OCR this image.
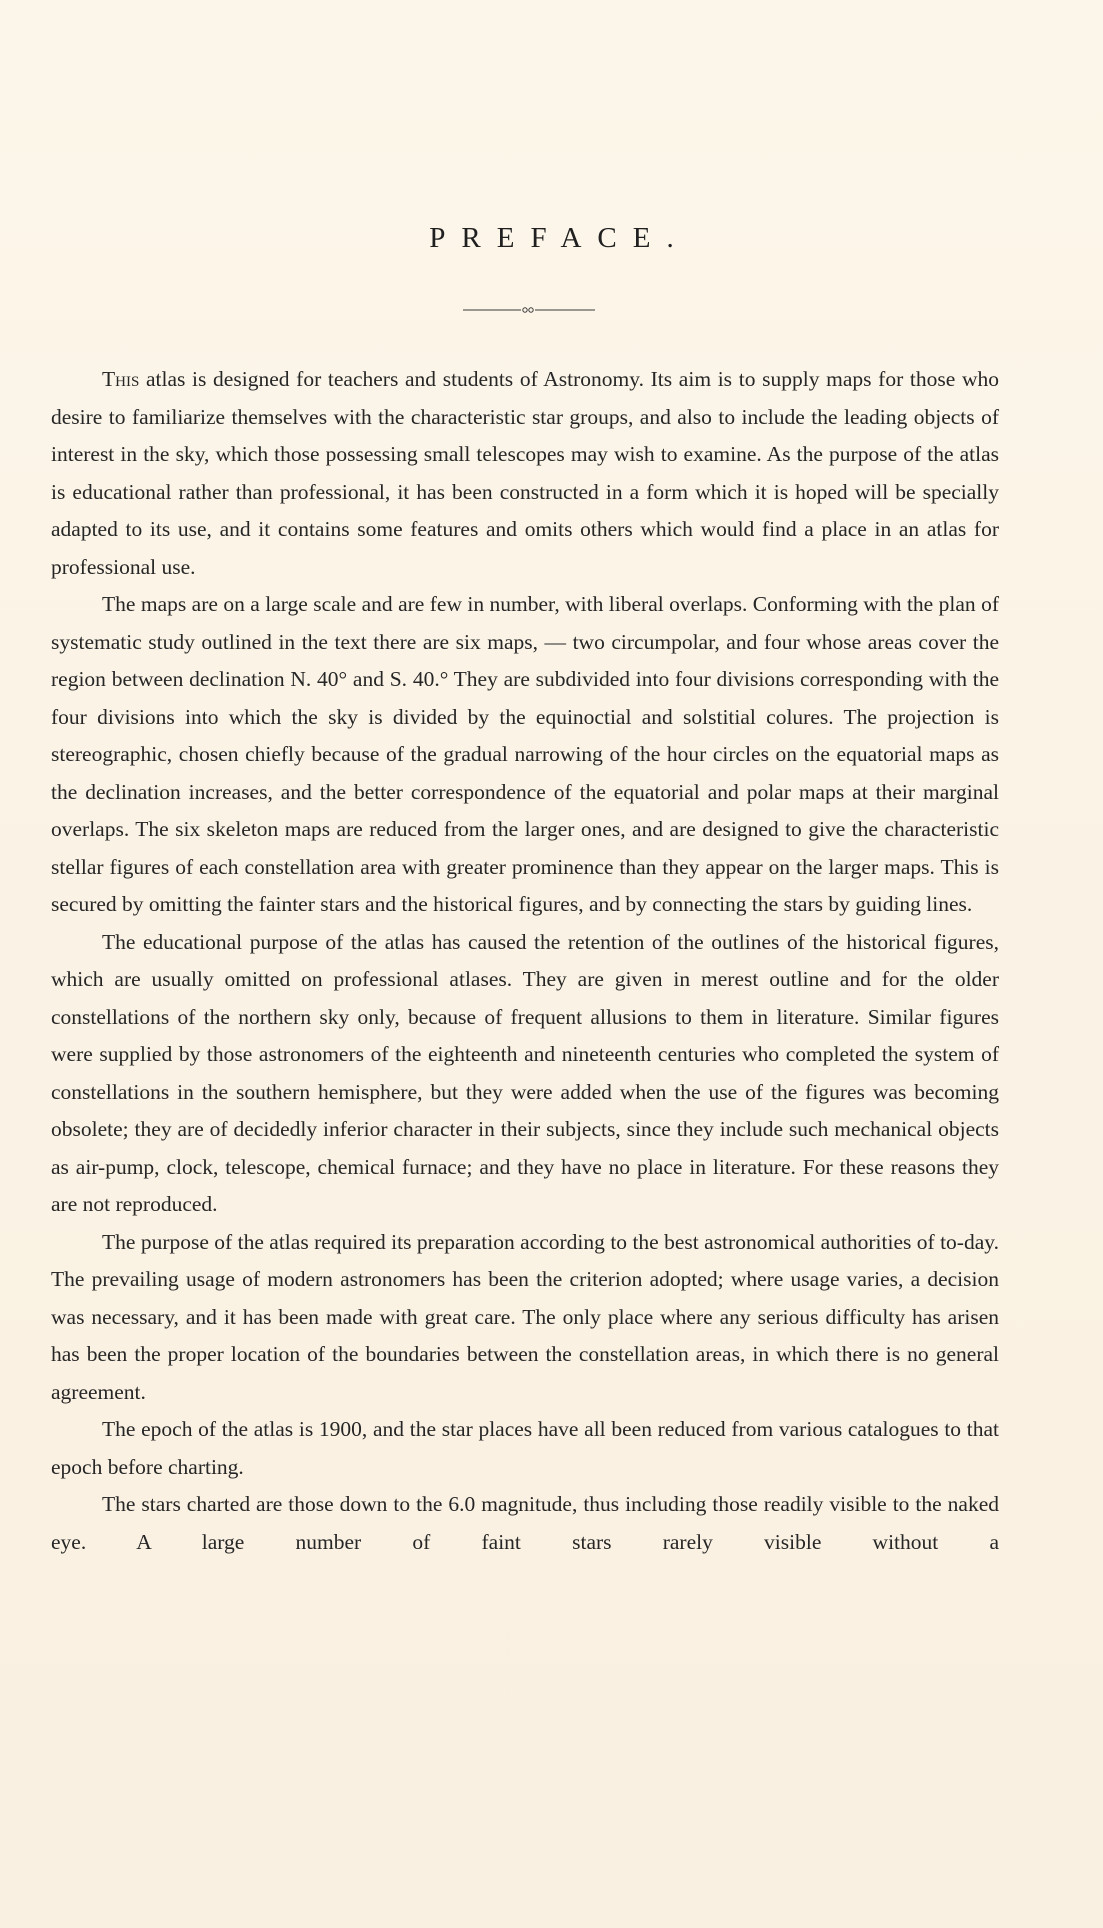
PREFACE.

This atlas is designed for teachers and students of Astronomy. Its aim is to supply maps for those who desire to familiarize themselves with the characteristic star groups, and also to include the leading objects of interest in the sky, which those possessing small telescopes may wish to examine. As the purpose of the atlas is educational rather than professional, it has been constructed in a form which it is hoped will be specially adapted to its use, and it contains some features and omits others which would find a place in an atlas for professional use.

The maps are on a large scale and are few in number, with liberal overlaps. Conforming with the plan of systematic study outlined in the text there are six maps, — two circumpolar, and four whose areas cover the region between declination N. 40° and S. 40.° They are subdivided into four divisions corresponding with the four divisions into which the sky is divided by the equinoctial and solstitial colures. The projection is stereographic, chosen chiefly because of the gradual narrowing of the hour circles on the equatorial maps as the declination increases, and the better correspondence of the equatorial and polar maps at their marginal overlaps. The six skeleton maps are reduced from the larger ones, and are designed to give the characteristic stellar figures of each constellation area with greater prominence than they appear on the larger maps. This is secured by omitting the fainter stars and the historical figures, and by connecting the stars by guiding lines.

The educational purpose of the atlas has caused the retention of the outlines of the historical figures, which are usually omitted on professional atlases. They are given in merest outline and for the older constellations of the northern sky only, because of frequent allusions to them in literature. Similar figures were supplied by those astronomers of the eighteenth and nineteenth centuries who completed the system of constellations in the southern hemisphere, but they were added when the use of the figures was becoming obsolete; they are of decidedly inferior character in their subjects, since they include such mechanical objects as air-pump, clock, telescope, chemical furnace; and they have no place in literature. For these reasons they are not reproduced.

The purpose of the atlas required its preparation according to the best astronomical authorities of to-day. The prevailing usage of modern astronomers has been the criterion adopted; where usage varies, a decision was necessary, and it has been made with great care. The only place where any serious difficulty has arisen has been the proper location of the boundaries between the constellation areas, in which there is no general agreement.

The epoch of the atlas is 1900, and the star places have all been reduced from various catalogues to that epoch before charting.

The stars charted are those down to the 6.0 magnitude, thus including those readily visible to the naked eye. A large number of faint stars rarely visible without a
